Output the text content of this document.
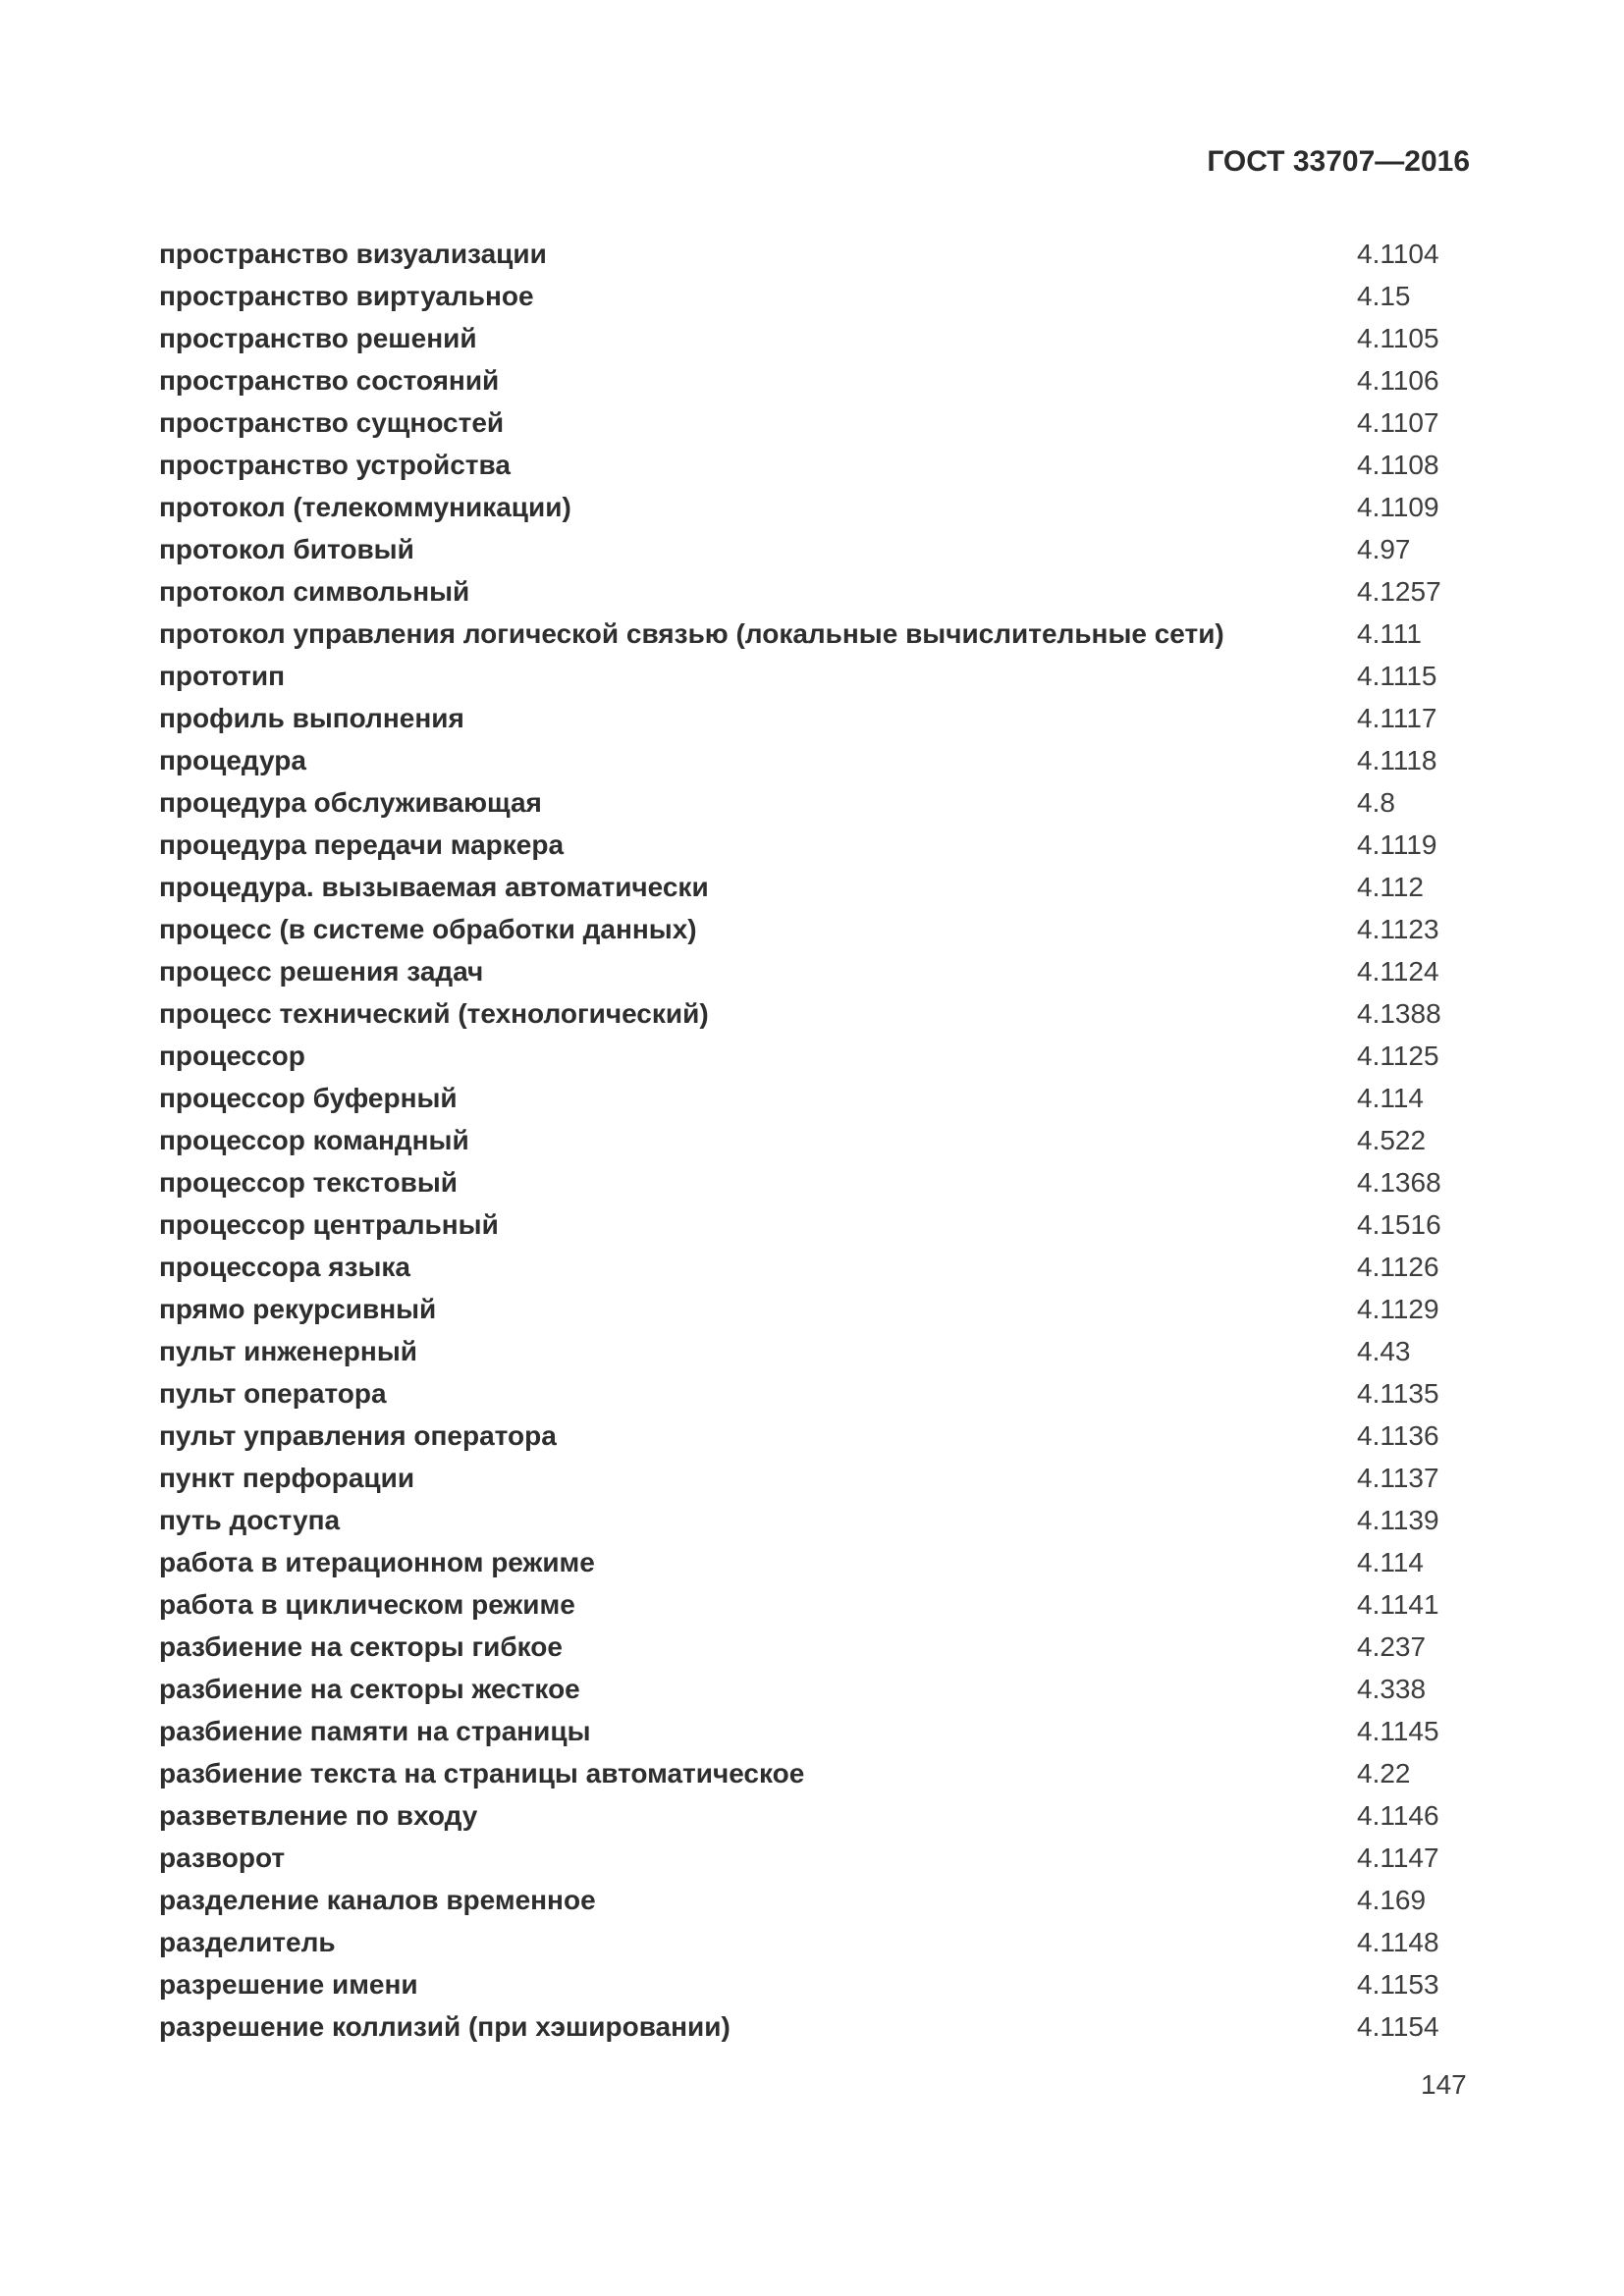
ГОСТ 33707—2016
пространство визуализации	4.1104
пространство виртуальное	4.15
пространство решений	4.1105
пространство состояний	4.1106
пространство сущностей	4.1107
пространство устройства	4.1108
протокол (телекоммуникации)	4.1109
протокол битовый	4.97
протокол символьный	4.1257
протокол управления логической связью (локальные вычислительные сети)	4.111
прототип	4.1115
профиль выполнения	4.1117
процедура	4.1118
процедура обслуживающая	4.8
процедура передачи маркера	4.1119
процедура. вызываемая автоматически	4.112
процесс (в системе обработки данных)	4.1123
процесс решения задач	4.1124
процесс технический (технологический)	4.1388
процессор	4.1125
процессор буферный	4.114
процессор командный	4.522
процессор текстовый	4.1368
процессор центральный	4.1516
процессора языка	4.1126
прямо рекурсивный	4.1129
пульт инженерный	4.43
пульт оператора	4.1135
пульт управления оператора	4.1136
пункт перфорации	4.1137
путь доступа	4.1139
работа в итерационном режиме	4.114
работа в циклическом режиме	4.1141
разбиение на секторы гибкое	4.237
разбиение на секторы жесткое	4.338
разбиение памяти на страницы	4.1145
разбиение текста на страницы автоматическое	4.22
разветвление по входу	4.1146
разворот	4.1147
разделение каналов временное	4.169
разделитель	4.1148
разрешение имени	4.1153
разрешение коллизий (при хэшировании)	4.1154
147
